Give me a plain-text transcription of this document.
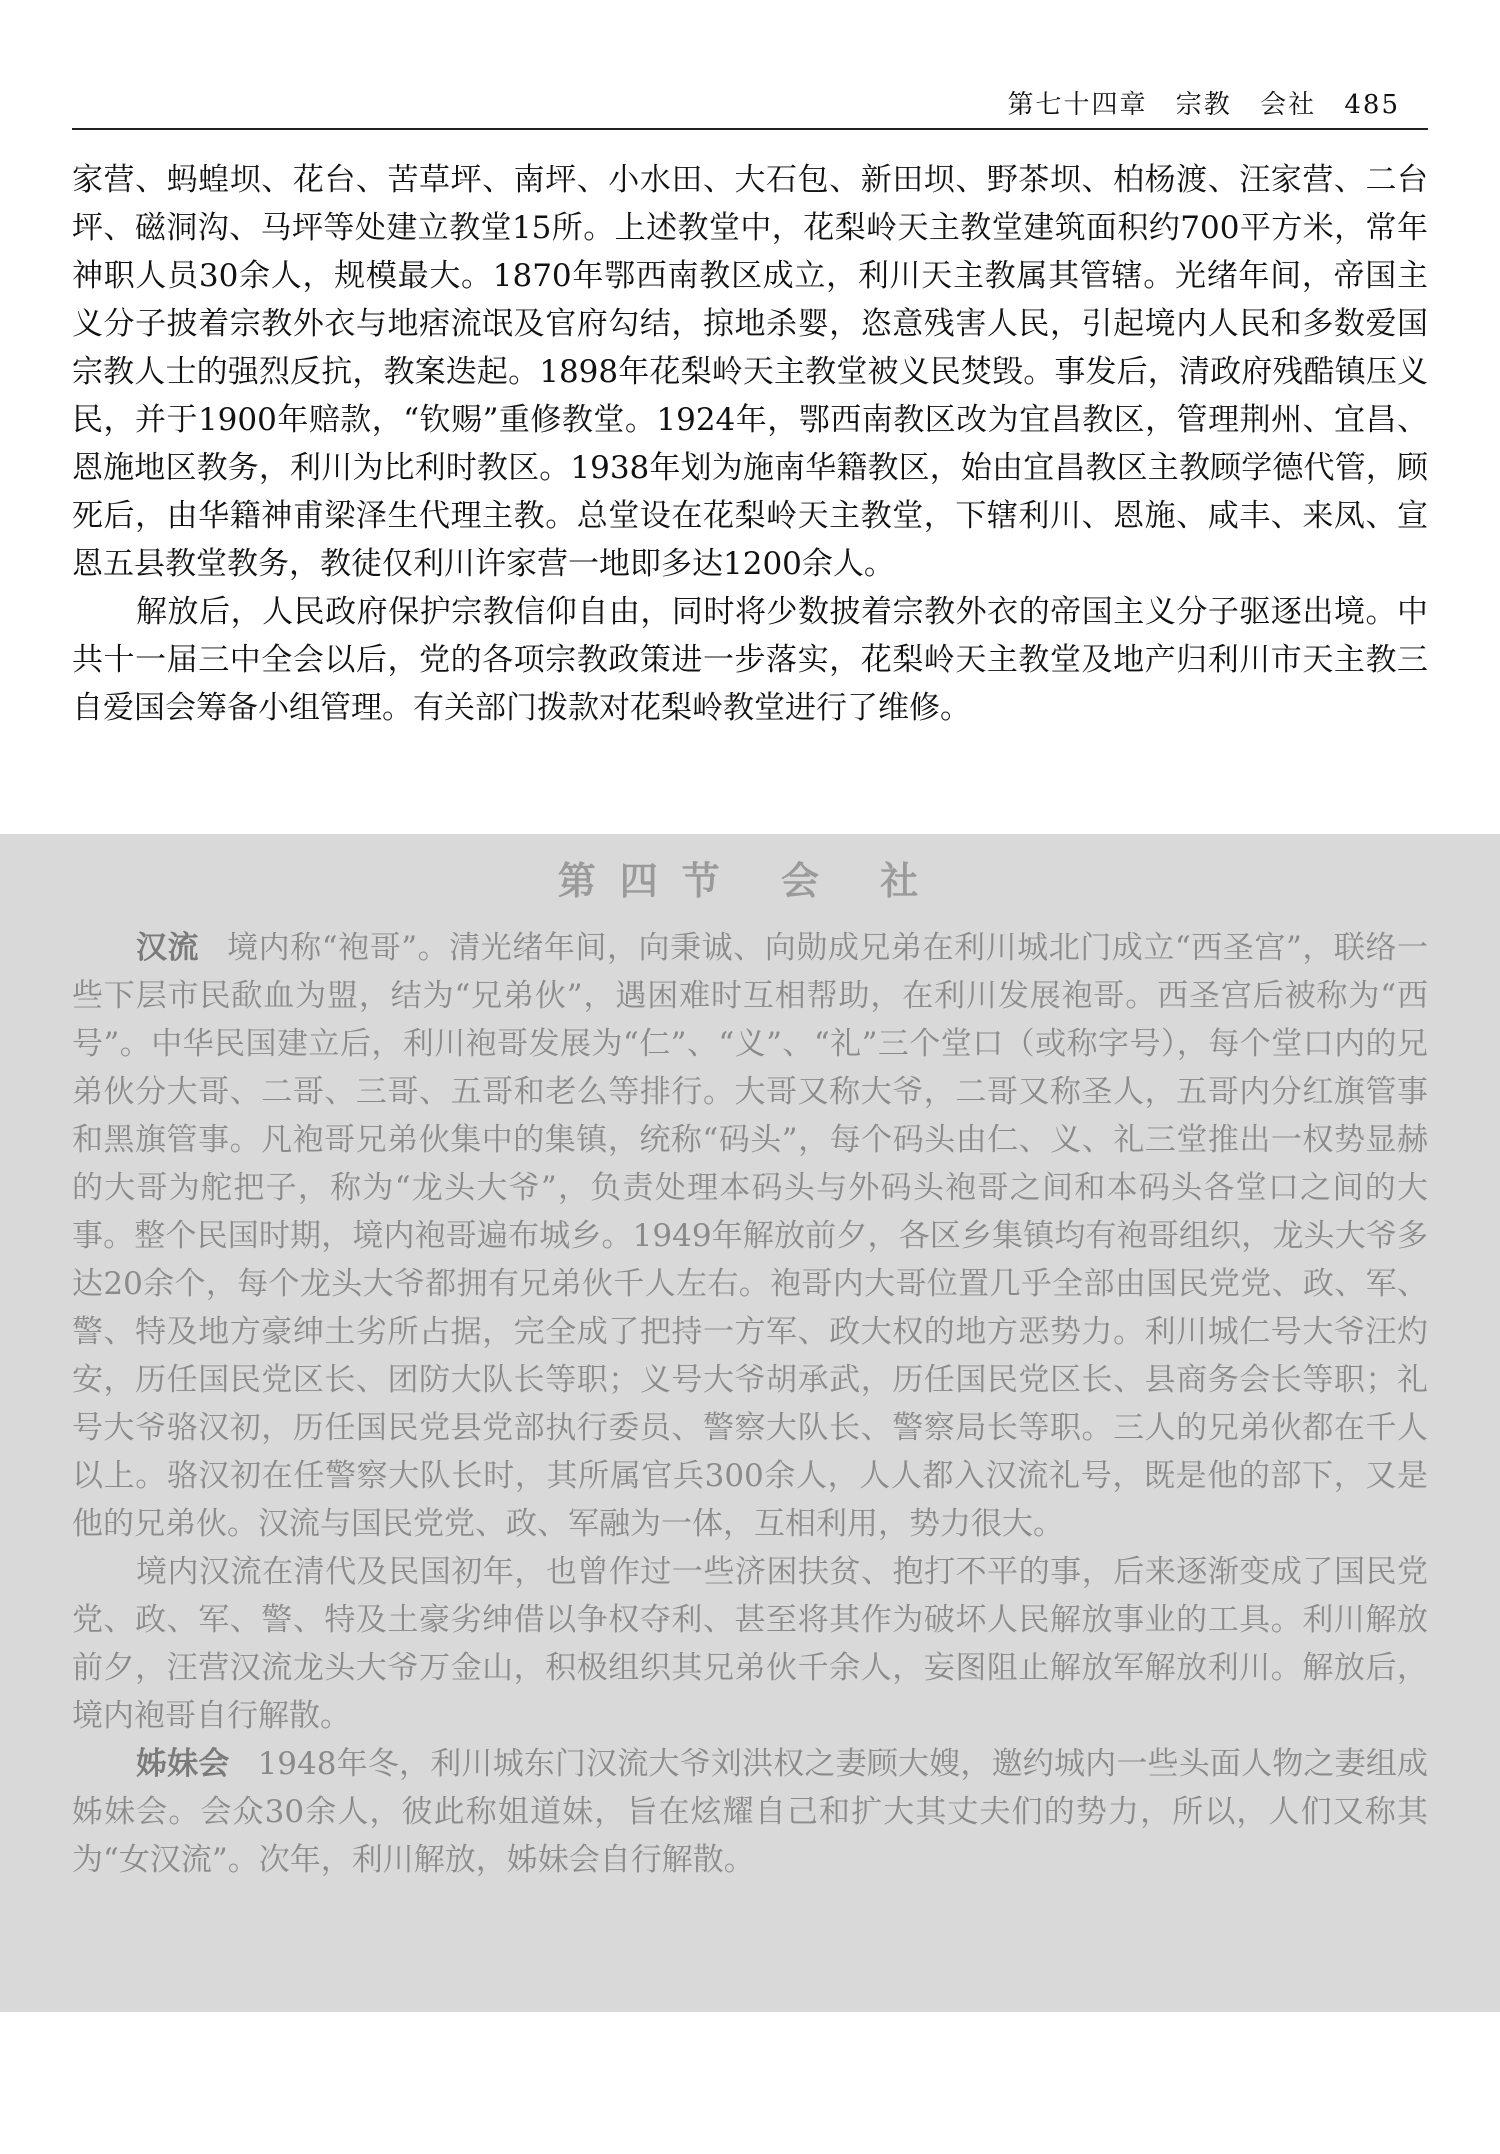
第七十四章 宗教 会社 485

家营、蚂蝗坝、花台、苦草坪、南坪、小水田、大石包、新田坝、野茶坝、柏杨渡、汪家营、二台坪、磁洞沟、马坪等处建立教堂15所。上述教堂中，花梨岭天主教堂建筑面积约700平方米，常年神职人员30余人，规模最大。1870年鄂西南教区成立，利川天主教属其管辖。光绪年间，帝国主义分子披着宗教外衣与地痞流氓及官府勾结，掠地杀婴，恣意残害人民，引起境内人民和多数爱国宗教人士的强烈反抗，教案迭起。1898年花梨岭天主教堂被义民焚毁。事发后，清政府残酷镇压义民，并于1900年赔款，“钦赐”重修教堂。1924年，鄂西南教区改为宜昌教区，管理荆州、宜昌、恩施地区教务，利川为比利时教区。1938年划为施南华籍教区，始由宜昌教区主教顾学德代管，顾死后，由华籍神甫梁泽生代理主教。总堂设在花梨岭天主教堂，下辖利川、恩施、咸丰、来凤、宣恩五县教堂教务，教徒仅利川许家营一地即多达1200余人。

解放后，人民政府保护宗教信仰自由，同时将少数披着宗教外衣的帝国主义分子驱逐出境。中共十一届三中全会以后，党的各项宗教政策进一步落实，花梨岭天主教堂及地产归利川市天主教三自爱国会筹备小组管理。有关部门拨款对花梨岭教堂进行了维修。

第四节 会 社

汉流 境内称“袍哥”。清光绪年间，向秉诚、向勋成兄弟在利川城北门成立“西圣宫”，联络一些下层市民歃血为盟，结为“兄弟伙”，遇困难时互相帮助，在利川发展袍哥。西圣宫后被称为“西号”。中华民国建立后，利川袍哥发展为“仁”、“义”、“礼”三个堂口（或称字号），每个堂口内的兄弟伙分大哥、二哥、三哥、五哥和老么等排行。大哥又称大爷，二哥又称圣人，五哥内分红旗管事和黑旗管事。凡袍哥兄弟伙集中的集镇，统称“码头”，每个码头由仁、义、礼三堂推出一权势显赫的大哥为舵把子，称为“龙头大爷”，负责处理本码头与外码头袍哥之间和本码头各堂口之间的大事。整个民国时期，境内袍哥遍布城乡。1949年解放前夕，各区乡集镇均有袍哥组织，龙头大爷多达20余个，每个龙头大爷都拥有兄弟伙千人左右。袍哥内大哥位置几乎全部由国民党党、政、军、警、特及地方豪绅土劣所占据，完全成了把持一方军、政大权的地方恶势力。利川城仁号大爷汪灼安，历任国民党区长、团防大队长等职；义号大爷胡承武，历任国民党区长、县商务会长等职；礼号大爷骆汉初，历任国民党县党部执行委员、警察大队长、警察局长等职。三人的兄弟伙都在千人以上。骆汉初在任警察大队长时，其所属官兵300余人，人人都入汉流礼号，既是他的部下，又是他的兄弟伙。汉流与国民党党、政、军融为一体，互相利用，势力很大。

境内汉流在清代及民国初年，也曾作过一些济困扶贫、抱打不平的事，后来逐渐变成了国民党党、政、军、警、特及土豪劣绅借以争权夺利、甚至将其作为破坏人民解放事业的工具。利川解放前夕，汪营汉流龙头大爷万金山，积极组织其兄弟伙千余人，妄图阻止解放军解放利川。解放后，境内袍哥自行解散。

姊妹会 1948年冬，利川城东门汉流大爷刘洪权之妻顾大嫂，邀约城内一些头面人物之妻组成姊妹会。会众30余人，彼此称姐道妹，旨在炫耀自己和扩大其丈夫们的势力，所以，人们又称其为“女汉流”。次年，利川解放，姊妹会自行解散。
